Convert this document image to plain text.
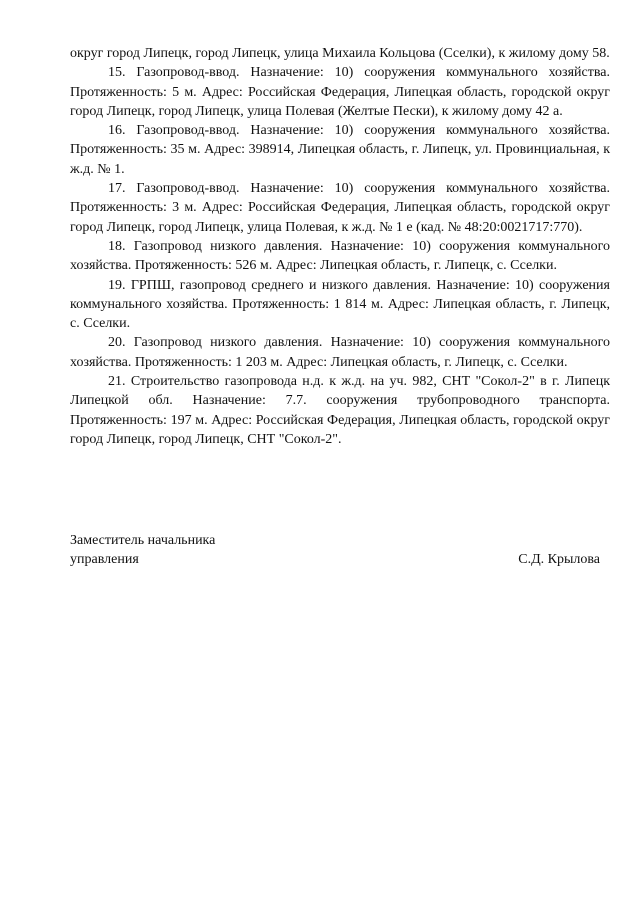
округ город Липецк, город Липецк, улица Михаила Кольцова (Сселки), к жилому дому 58.

15. Газопровод-ввод. Назначение: 10) сооружения коммунального хозяйства. Протяженность: 5 м. Адрес: Российская Федерация, Липецкая область, городской округ город Липецк, город Липецк, улица Полевая (Желтые Пески), к жилому дому 42 а.

16. Газопровод-ввод. Назначение: 10) сооружения коммунального хозяйства. Протяженность: 35 м. Адрес: 398914, Липецкая область, г. Липецк, ул. Провинциальная, к ж.д. № 1.

17. Газопровод-ввод. Назначение: 10) сооружения коммунального хозяйства. Протяженность: 3 м. Адрес: Российская Федерация, Липецкая область, городской округ город Липецк, город Липецк, улица Полевая, к ж.д. № 1 е (кад. № 48:20:0021717:770).

18. Газопровод низкого давления. Назначение: 10) сооружения коммунального хозяйства. Протяженность: 526 м. Адрес: Липецкая область, г. Липецк, с. Сселки.

19. ГРПШ, газопровод среднего и низкого давления. Назначение: 10) сооружения коммунального хозяйства. Протяженность: 1 814 м. Адрес: Липецкая область, г. Липецк, с. Сселки.

20. Газопровод низкого давления. Назначение: 10) сооружения коммунального хозяйства. Протяженность: 1 203 м. Адрес: Липецкая область, г. Липецк, с. Сселки.

21. Строительство газопровода н.д. к ж.д. на уч. 982, СНТ "Сокол-2" в г. Липецк Липецкой обл. Назначение: 7.7. сооружения трубопроводного транспорта. Протяженность: 197 м. Адрес: Российская Федерация, Липецкая область, городской округ город Липецк, город Липецк, СНТ "Сокол-2".

Заместитель начальника
управления	С.Д. Крылова
